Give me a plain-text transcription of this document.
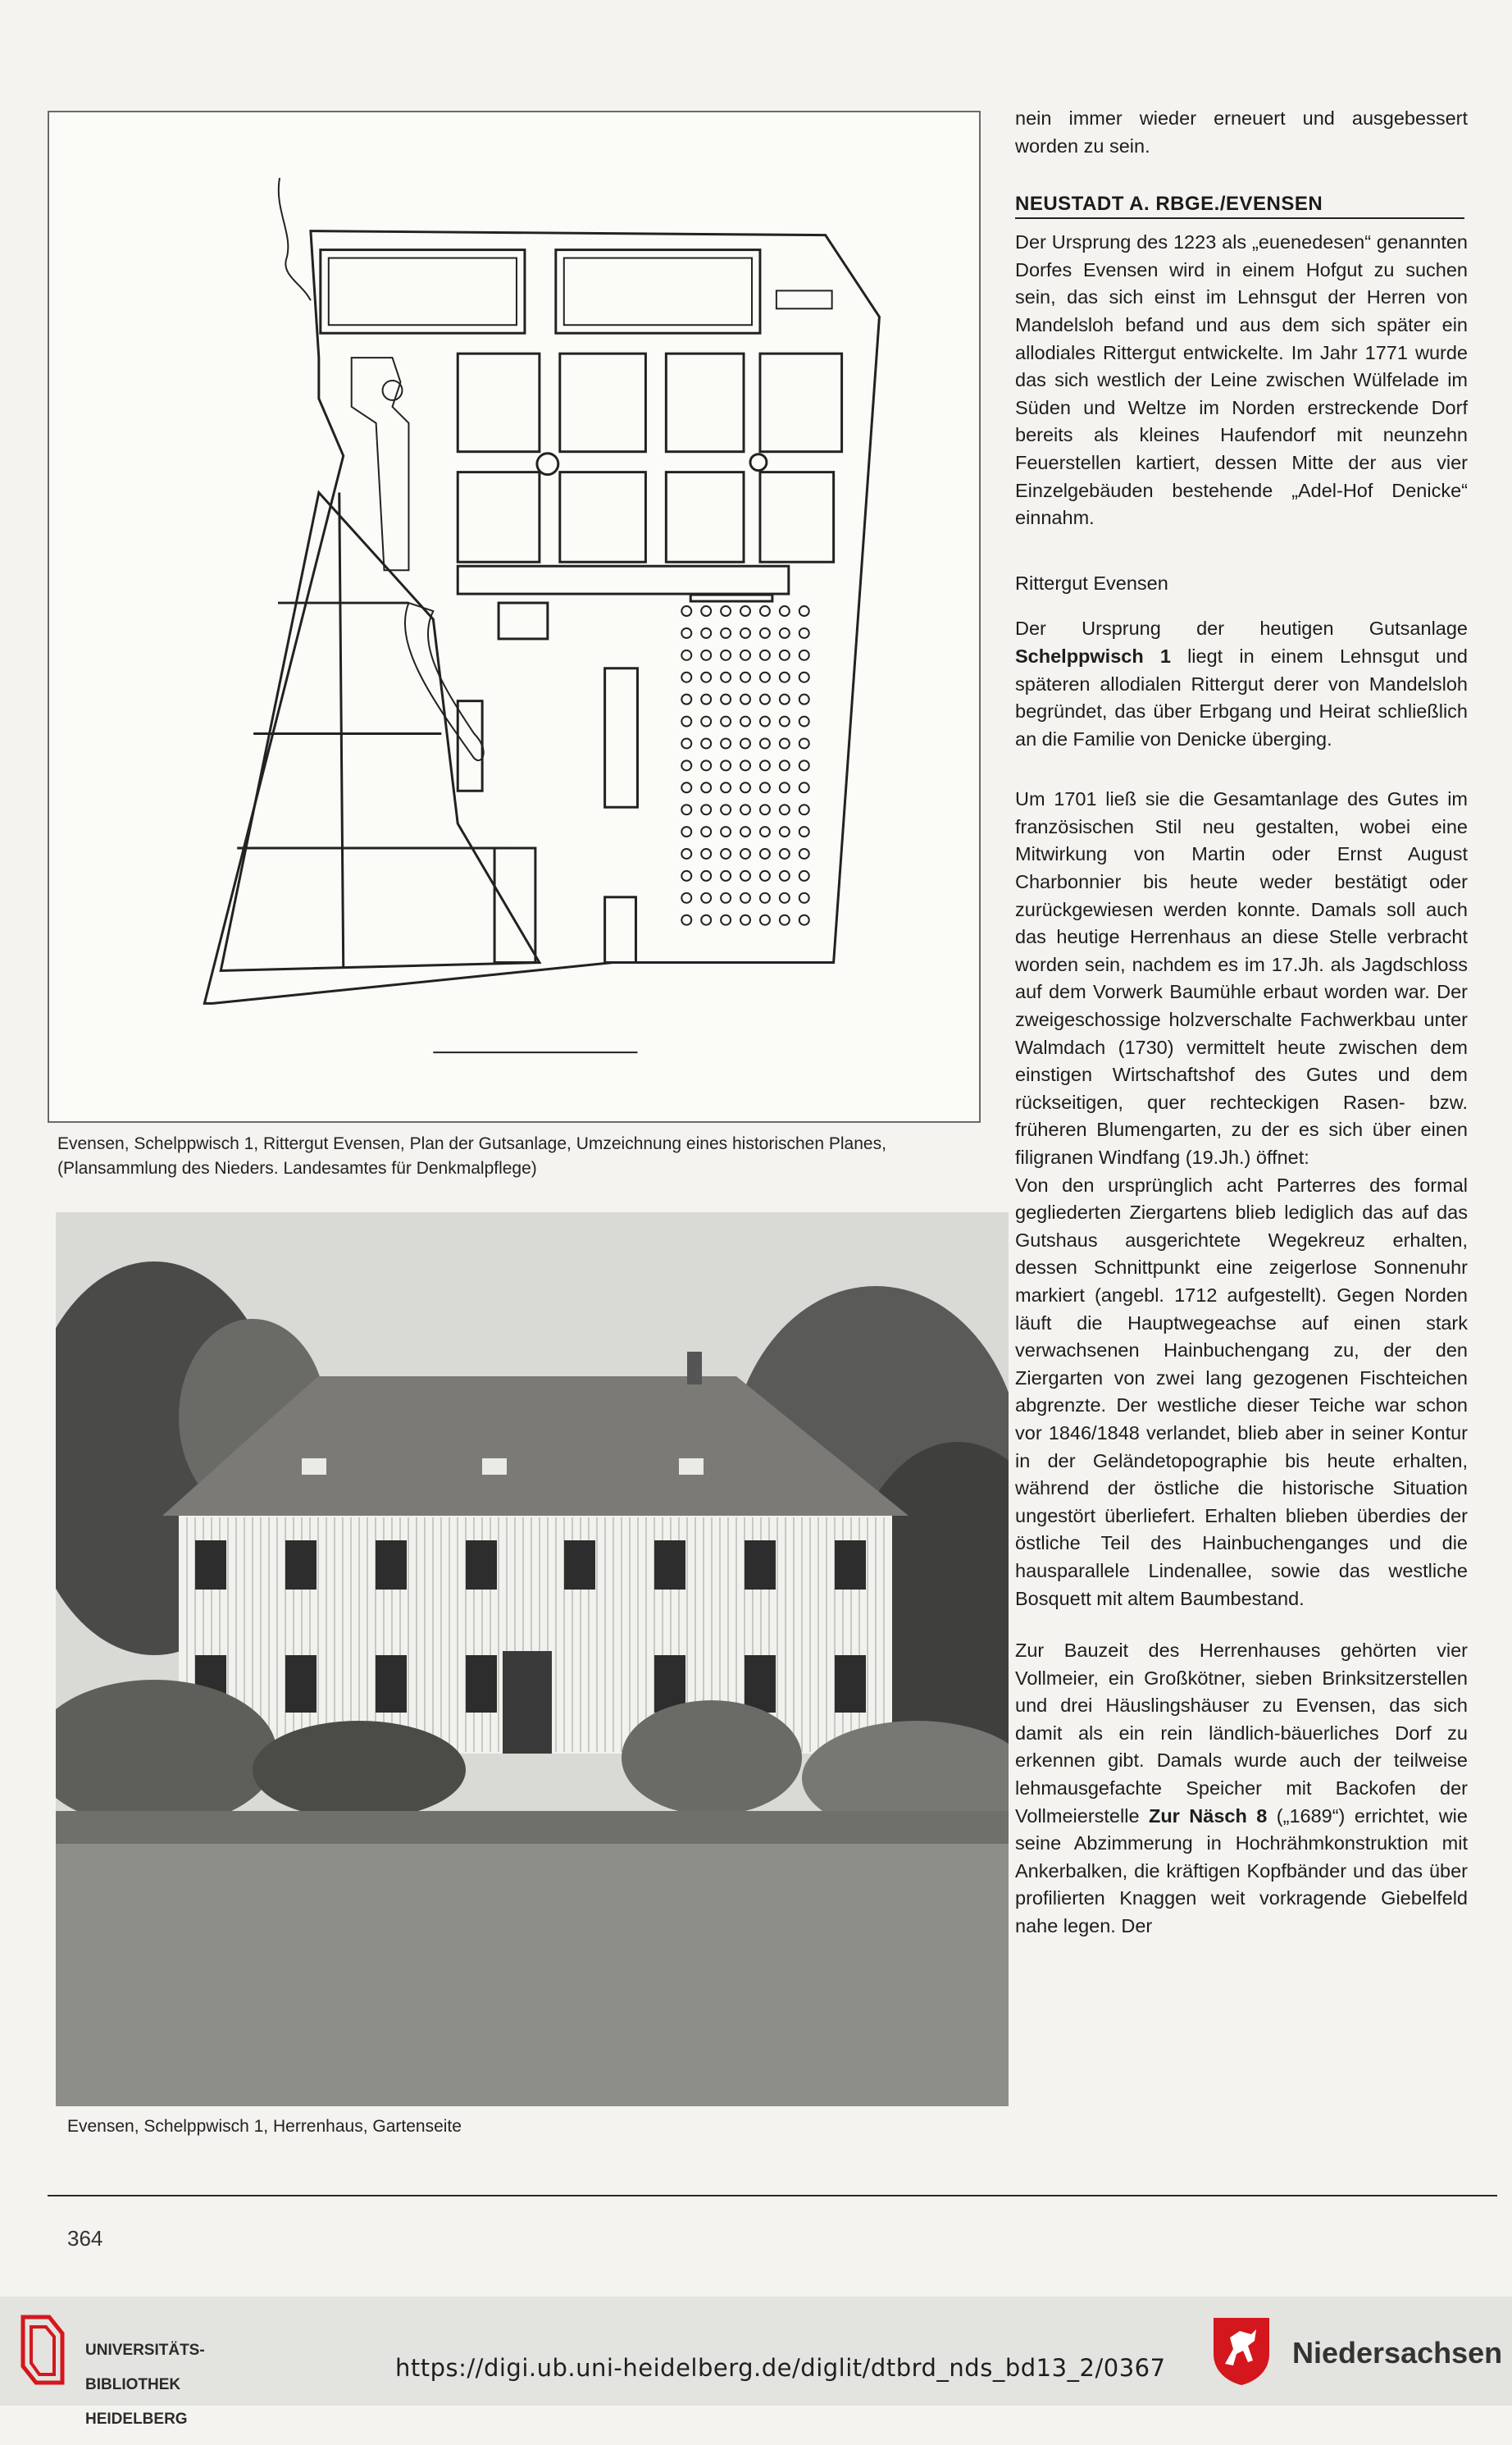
Evensen, Schelppwisch 1, Rittergut Evensen, Plan der Gutsanlage, Umzeichnung eines historischen Planes, (Plansammlung des Nieders. Landesamtes für Denkmalpflege)
Evensen, Schelppwisch 1, Herrenhaus, Gartenseite

nein immer wieder erneuert und ausgebessert worden zu sein.

NEUSTADT A. RBGE./EVENSEN

Der Ursprung des 1223 als „euenedesen“ genannten Dorfes Evensen wird in einem Hofgut zu suchen sein, das sich einst im Lehnsgut der Herren von Mandelsloh befand und aus dem sich später ein allodiales Rittergut entwickelte. Im Jahr 1771 wurde das sich westlich der Leine zwischen Wülfelade im Süden und Weltze im Norden erstreckende Dorf bereits als kleines Haufendorf mit neunzehn Feuerstellen kartiert, dessen Mitte der aus vier Einzelgebäuden bestehende „Adel-Hof Denicke“ einnahm.

Rittergut Evensen

Der Ursprung der heutigen Gutsanlage Schelppwisch 1 liegt in einem Lehnsgut und späteren allodialen Rittergut derer von Mandelsloh begründet, das über Erbgang und Heirat schließlich an die Familie von Denicke überging.

Um 1701 ließ sie die Gesamtanlage des Gutes im französischen Stil neu gestalten, wobei eine Mitwirkung von Martin oder Ernst August Charbonnier bis heute weder bestätigt oder zurückgewiesen werden konnte. Damals soll auch das heutige Herrenhaus an diese Stelle verbracht worden sein, nachdem es im 17.Jh. als Jagdschloss auf dem Vorwerk Baumühle erbaut worden war. Der zweigeschossige holzverschalte Fachwerkbau unter Walmdach (1730) vermittelt heute zwischen dem einstigen Wirtschaftshof des Gutes und dem rückseitigen, quer rechteckigen Rasen- bzw. früheren Blumengarten, zu der es sich über einen filigranen Windfang (19.Jh.) öffnet:

Von den ursprünglich acht Parterres des formal gegliederten Ziergartens blieb lediglich das auf das Gutshaus ausgerichtete Wegekreuz erhalten, dessen Schnittpunkt eine zeigerlose Sonnenuhr markiert (angebl. 1712 aufgestellt). Gegen Norden läuft die Hauptwegeachse auf einen stark verwachsenen Hainbuchengang zu, der den Ziergarten von zwei lang gezogenen Fischteichen abgrenzte. Der westliche dieser Teiche war schon vor 1846/1848 verlandet, blieb aber in seiner Kontur in der Geländetopographie bis heute erhalten, während der östliche die historische Situation ungestört überliefert. Erhalten blieben überdies der östliche Teil des Hainbuchenganges und die hausparallele Lindenallee, sowie das westliche Bosquett mit altem Baumbestand.

Zur Bauzeit des Herrenhauses gehörten vier Vollmeier, ein Großkötner, sieben Brinksitzerstellen und drei Häuslingshäuser zu Evensen, das sich damit als ein rein ländlich-bäuerliches Dorf zu erkennen gibt. Damals wurde auch der teilweise lehmausgefachte Speicher mit Backofen der Vollmeierstelle Zur Näsch 8 („1689“) errichtet, wie seine Abzimmerung in Hochrähmkonstruktion mit Ankerbalken, die kräftigen Kopfbänder und das über profilierten Knaggen weit vorkragende Giebelfeld nahe legen. Der

364

UNIVERSITÄTS-

BIBLIOTHEK

HEIDELBERG

https://digi.ub.uni-heidelberg.de/diglit/dtbrd_nds_bd13_2/0367	Niedersachsen
